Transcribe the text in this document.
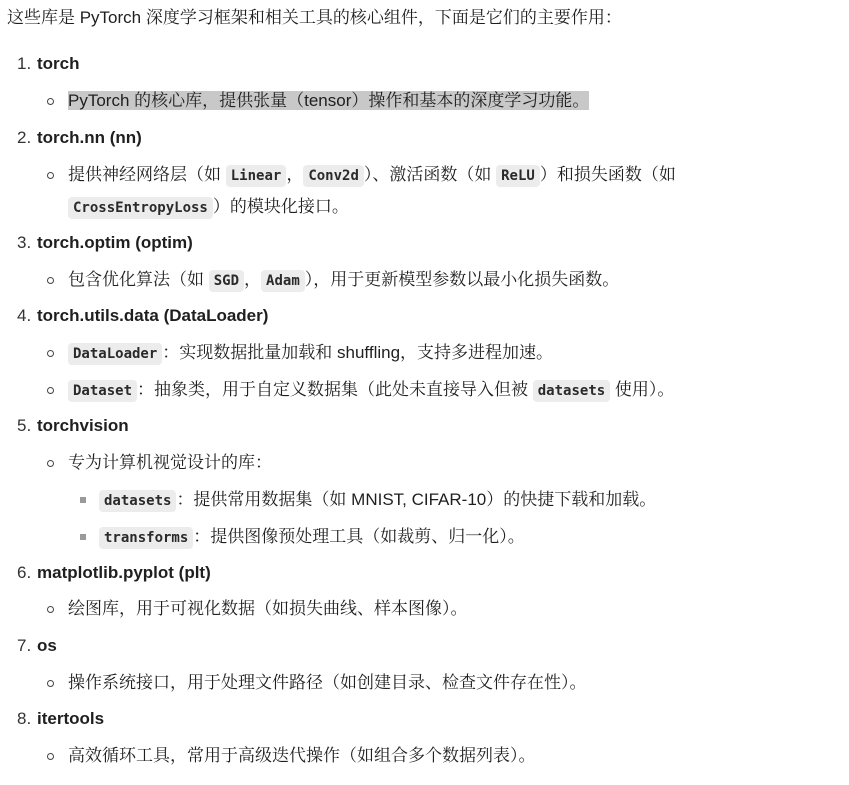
这些库是 PyTorch 深度学习框架和相关工具的核心组件，下面是它们的主要作用：
1. torch
PyTorch 的核心库，提供张量（tensor）操作和基本的深度学习功能。
2. torch.nn (nn)
提供神经网络层（如 Linear ， Conv2d ）、激活函数（如 ReLU ）和损失函数（如
CrossEntropyLoss ）的模块化接口。
3. torch.optim (optim)
包含优化算法（如 SGD ， Adam ），用于更新模型参数以最小化损失函数。
4. torch.utils.data (DataLoader)
DataLoader ：实现数据批量加载和 shuffling，支持多进程加速。
Dataset ：抽象类，用于自定义数据集（此处未直接导入但被 datasets 使用）。
5. torchvision
专为计算机视觉设计的库：
datasets ：提供常用数据集（如 MNIST, CIFAR-10）的快捷下载和加载。
transforms ：提供图像预处理工具（如裁剪、归一化）。
6. matplotlib.pyplot (plt)
绘图库，用于可视化数据（如损失曲线、样本图像）。
7. os
操作系统接口，用于处理文件路径（如创建目录、检查文件存在性）。
8. itertools
高效循环工具，常用于高级迭代操作（如组合多个数据列表）。
